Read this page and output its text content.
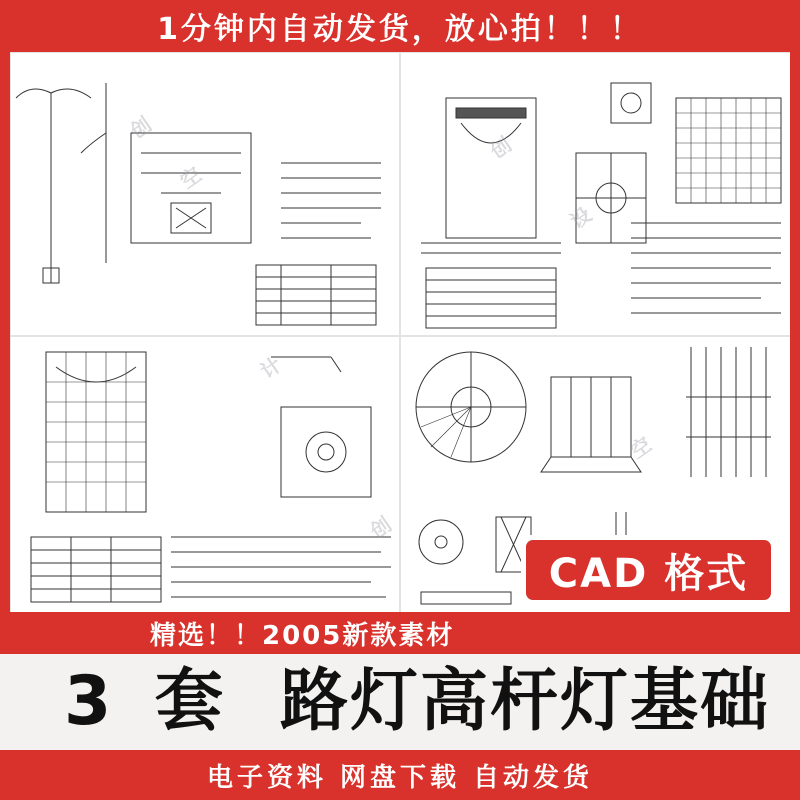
1分钟内自动发货，放心拍！！！
创
空
创
设
计
空
创
CAD 格式
精选！！2005新款素材
3 套 路灯高杆灯基础
电子资料 网盘下载 自动发货
